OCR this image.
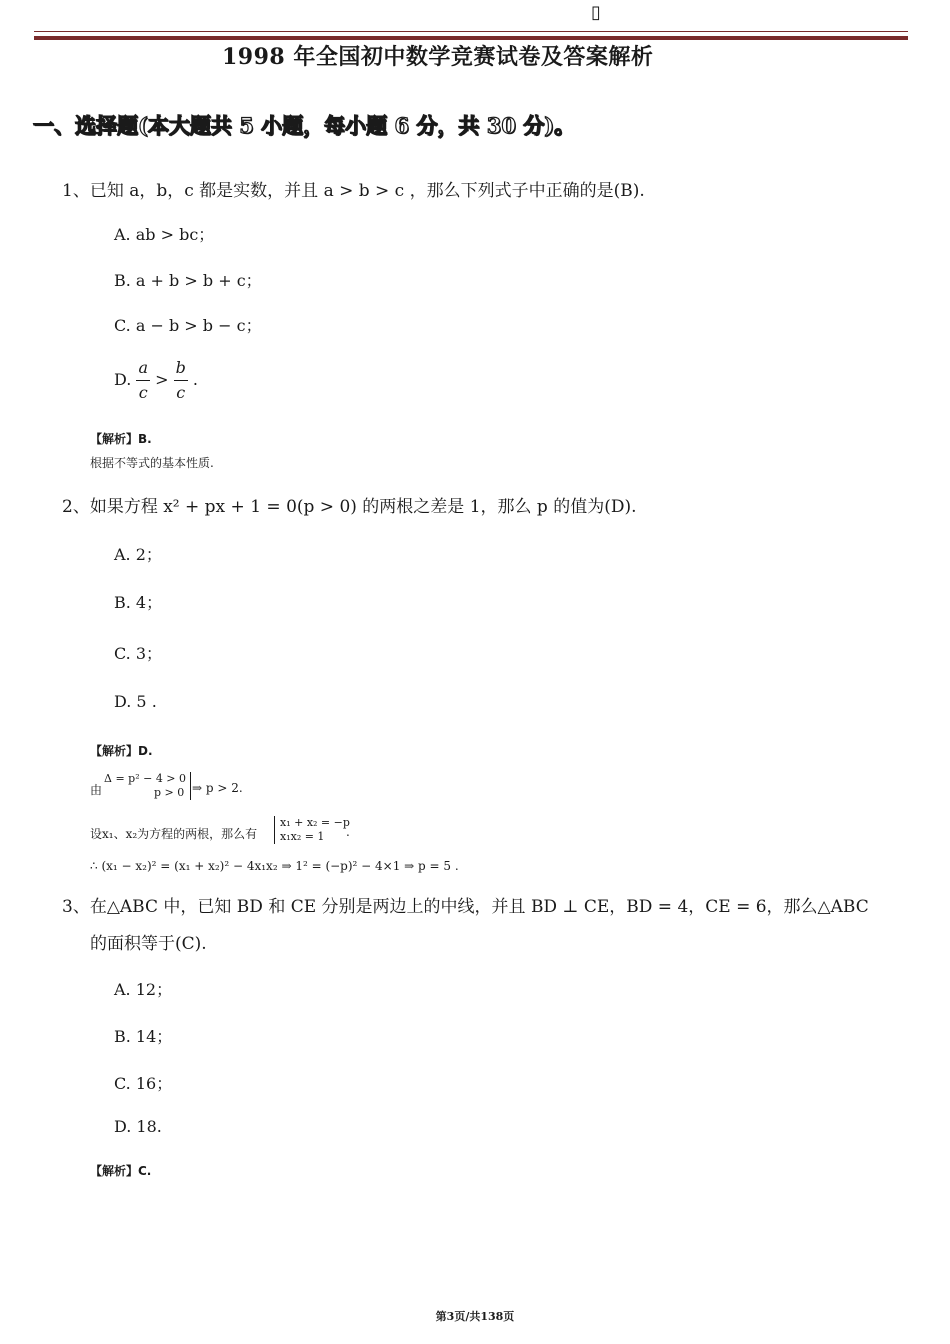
▯
1998 年全国初中数学竞赛试卷及答案解析
一、选择题(本大题共 5 小题，每小题 6 分，共 30 分)。
1、已知 a，b，c 都是实数，并且 a > b > c ，那么下列式子中正确的是(B).
A. ab > bc；
B. a + b > b + c；
C. a − b > b − c；
D. $\frac{a}{c} > \frac{b}{c}$ .
【解析】B.
根据不等式的基本性质.
2、如果方程 x² + px + 1 = 0(p > 0) 的两根之差是 1，那么 p 的值为(D).
A. 2；
B. 4；
C. 3；
D. 5 .
【解析】D.
由
Δ = p² − 4 > 0
p > 0 ⇒ p > 2.
设x₁、x₂为方程的两根，那么有
x₁ + x₂ = −p
x₁x₂ = 1	.
∴ (x₁ − x₂)² = (x₁ + x₂)² − 4x₁x₂ ⇒ 1² = (−p)² − 4×1 ⇒ p = 5 .
3、在△ABC 中，已知 BD 和 CE 分别是两边上的中线，并且 BD ⊥ CE，BD = 4，CE = 6，那么△ABC
的面积等于(C).
A. 12；
B. 14；
C. 16；
D. 18.
【解析】C.
第3页/共138页
